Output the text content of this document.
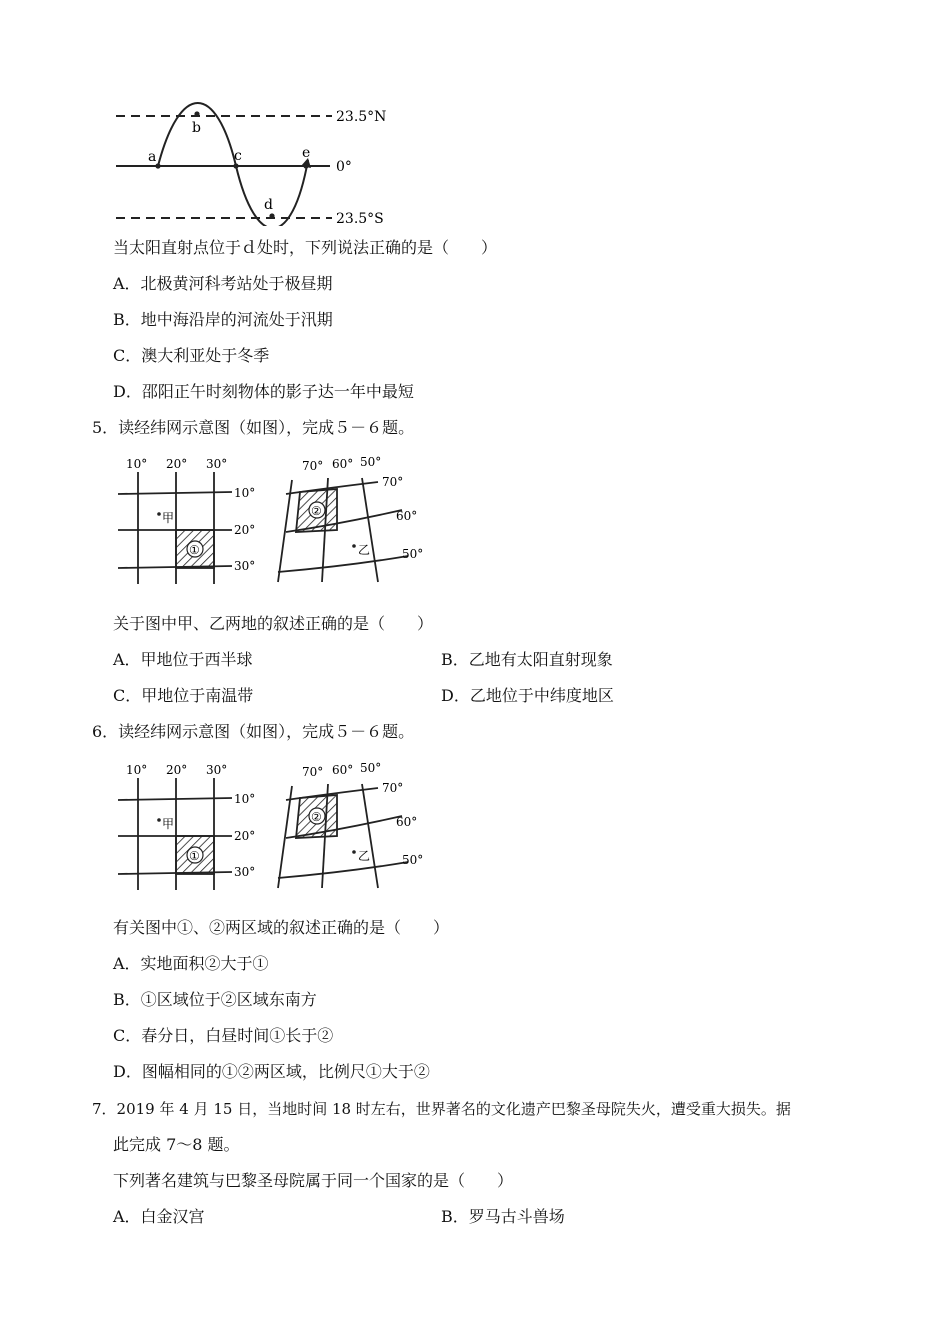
a
b
c
d
e
23.5°N
0°
23.5°S
当太阳直射点位于ｄ处时，下列说法正确的是（　　）
A．北极黄河科考站处于极昼期
B．地中海沿岸的河流处于汛期
C．澳大利亚处于冬季
D．邵阳正午时刻物体的影子达一年中最短
5．读经纬网示意图（如图），完成５－６题。
①
10° 20° 30°
10°
20°
30°
甲	②
70° 60° 50°
70°
60°
50°
乙
关于图中甲、乙两地的叙述正确的是（　　）
A．甲地位于西半球	B．乙地有太阳直射现象
C．甲地位于南温带	D．乙地位于中纬度地区
6．读经纬网示意图（如图），完成５－６题。
①
10° 20° 30°
10°
20°
30°
甲	②
70° 60° 50°
70°
60°
50°
乙
有关图中①、②两区域的叙述正确的是（　　）
A．实地面积②大于①
B．①区域位于②区域东南方
C．春分日，白昼时间①长于②
D．图幅相同的①②两区域，比例尺①大于②
7．2019 年 4 月 15 日，当地时间 18 时左右，世界著名的文化遗产巴黎圣母院失火，遭受重大损失。据
此完成 7～8 题。
下列著名建筑与巴黎圣母院属于同一个国家的是（　　）
A．白金汉宫	B．罗马古斗兽场
